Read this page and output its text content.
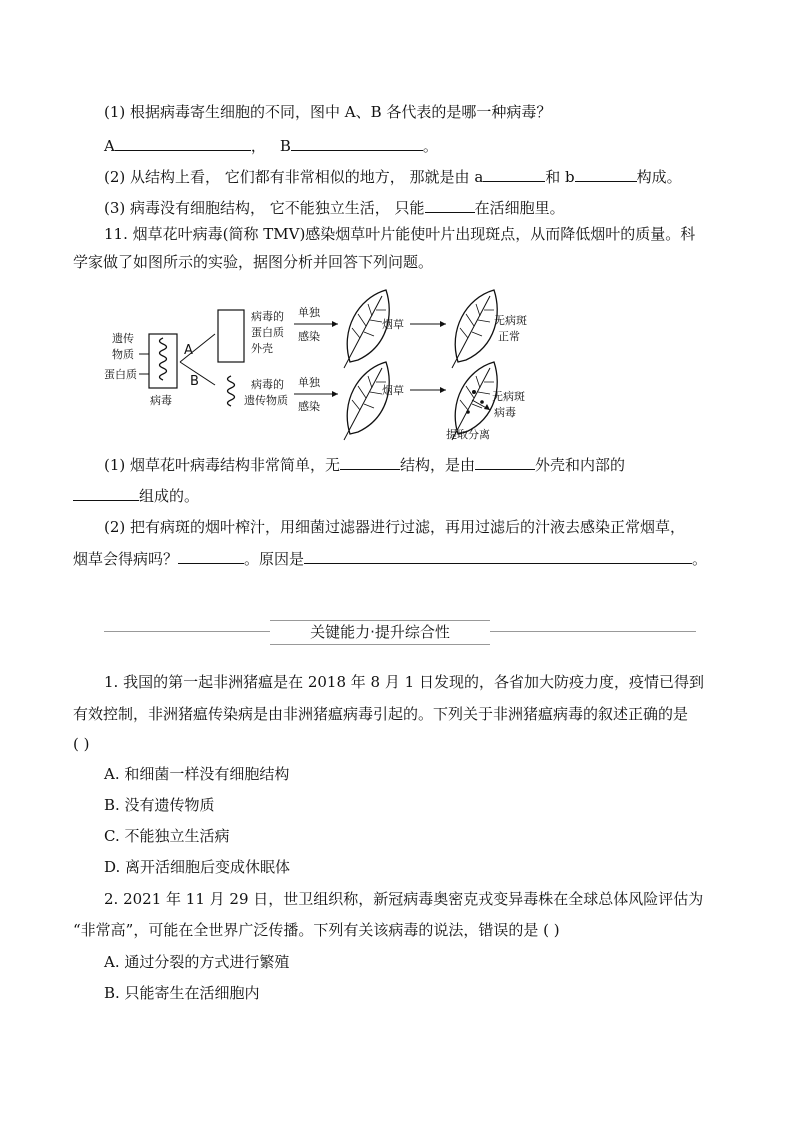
(1) 根据病毒寄生细胞的不同，图中 A、B 各代表的是哪一种病毒？
A	， B	。
(2) 从结构上看， 它们都有非常相似的地方， 那就是由 a	和 b	构成。
(3) 病毒没有细胞结构， 它不能独立生活， 只能	在活细胞里。
11. 烟草花叶病毒(简称 TMV)感染烟草叶片能使叶片出现斑点，从而降低烟叶的质量。科
学家做了如图所示的实验，据图分析并回答下列问题。
遗传
物质
蛋白质
病毒
A
B
病毒的
蛋白质
外壳
病毒的
遗传物质
单独
感染
烟草	无病斑
正常
单独
感染
烟草	无病斑
病毒
提取分离
(1) 烟草花叶病毒结构非常简单，无	结构，是由	外壳和内部的
组成的。
(2) 把有病斑的烟叶榨汁，用细菌过滤器进行过滤，再用过滤后的汁液去感染正常烟草，
烟草会得病吗？	。原因是	。
关键能力·提升综合性
1. 我国的第一起非洲猪瘟是在 2018 年 8 月 1 日发现的，各省加大防疫力度，疫情已得到
有效控制，非洲猪瘟传染病是由非洲猪瘟病毒引起的。下列关于非洲猪瘟病毒的叙述正确的是
( )
A. 和细菌一样没有细胞结构
B. 没有遗传物质
C. 不能独立生活病
D. 离开活细胞后变成休眠体
2. 2021 年 11 月 29 日，世卫组织称，新冠病毒奥密克戎变异毒株在全球总体风险评估为
“非常高”，可能在全世界广泛传播。下列有关该病毒的说法，错误的是 ( )
A. 通过分裂的方式进行繁殖
B. 只能寄生在活细胞内
